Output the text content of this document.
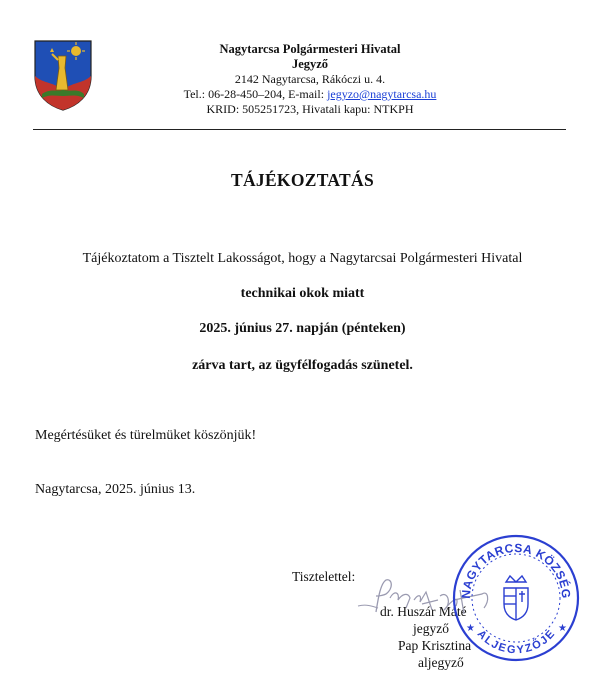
Nagytarcsa Polgármesteri Hivatal
Jegyző
2142 Nagytarcsa, Rákóczi u. 4.
Tel.: 06-28-450–204, E-mail: jegyzo@nagytarcsa.hu
KRID: 505251723, Hivatali kapu: NTKPH
TÁJÉKOZTATÁS
Tájékoztatom a Tisztelt Lakosságot, hogy a Nagytarcsai Polgármesteri Hivatal
technikai okok miatt
2025. június 27. napján (pénteken)
zárva tart, az ügyfélfogadás szünetel.
Megértésüket és türelmüket köszönjük!
Nagytarcsa, 2025. június 13.
Tisztelettel:
dr. Huszár Máté
jegyző
Pap Krisztina
aljegyző
NAGYTARCSA KÖZSÉG
ALJEGYZŐJE
★	★
